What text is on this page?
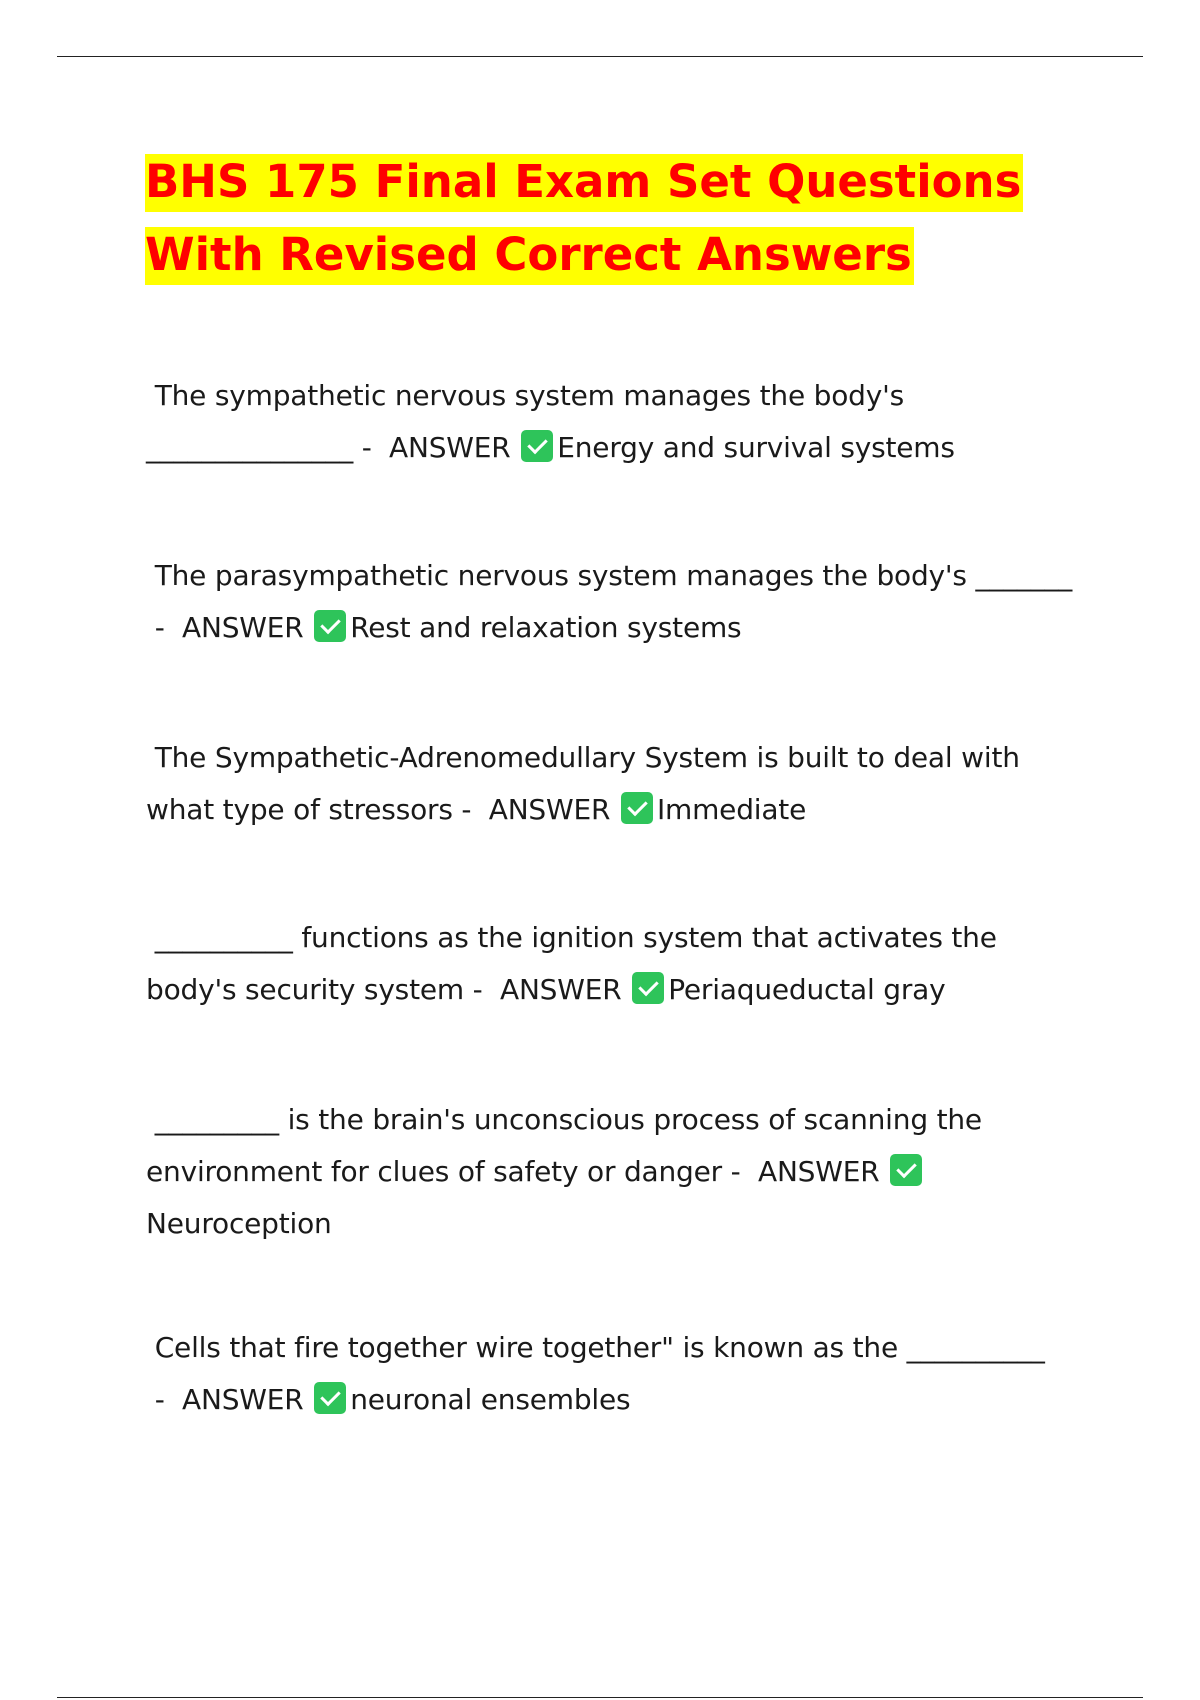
BHS 175 Final Exam Set Questions
With Revised Correct Answers
The sympathetic nervous system manages the body's _______________ -  ANSWER Energy and survival systems
The parasympathetic nervous system manages the body's _______ -  ANSWER Rest and relaxation systems
The Sympathetic-Adrenomedullary System is built to deal with what type of stressors -  ANSWER Immediate
__________ functions as the ignition system that activates the body's security system -  ANSWER Periaqueductal gray
_________ is the brain's unconscious process of scanning the environment for clues of safety or danger -  ANSWER Neuroception
Cells that fire together wire together" is known as the __________ -  ANSWER neuronal ensembles
